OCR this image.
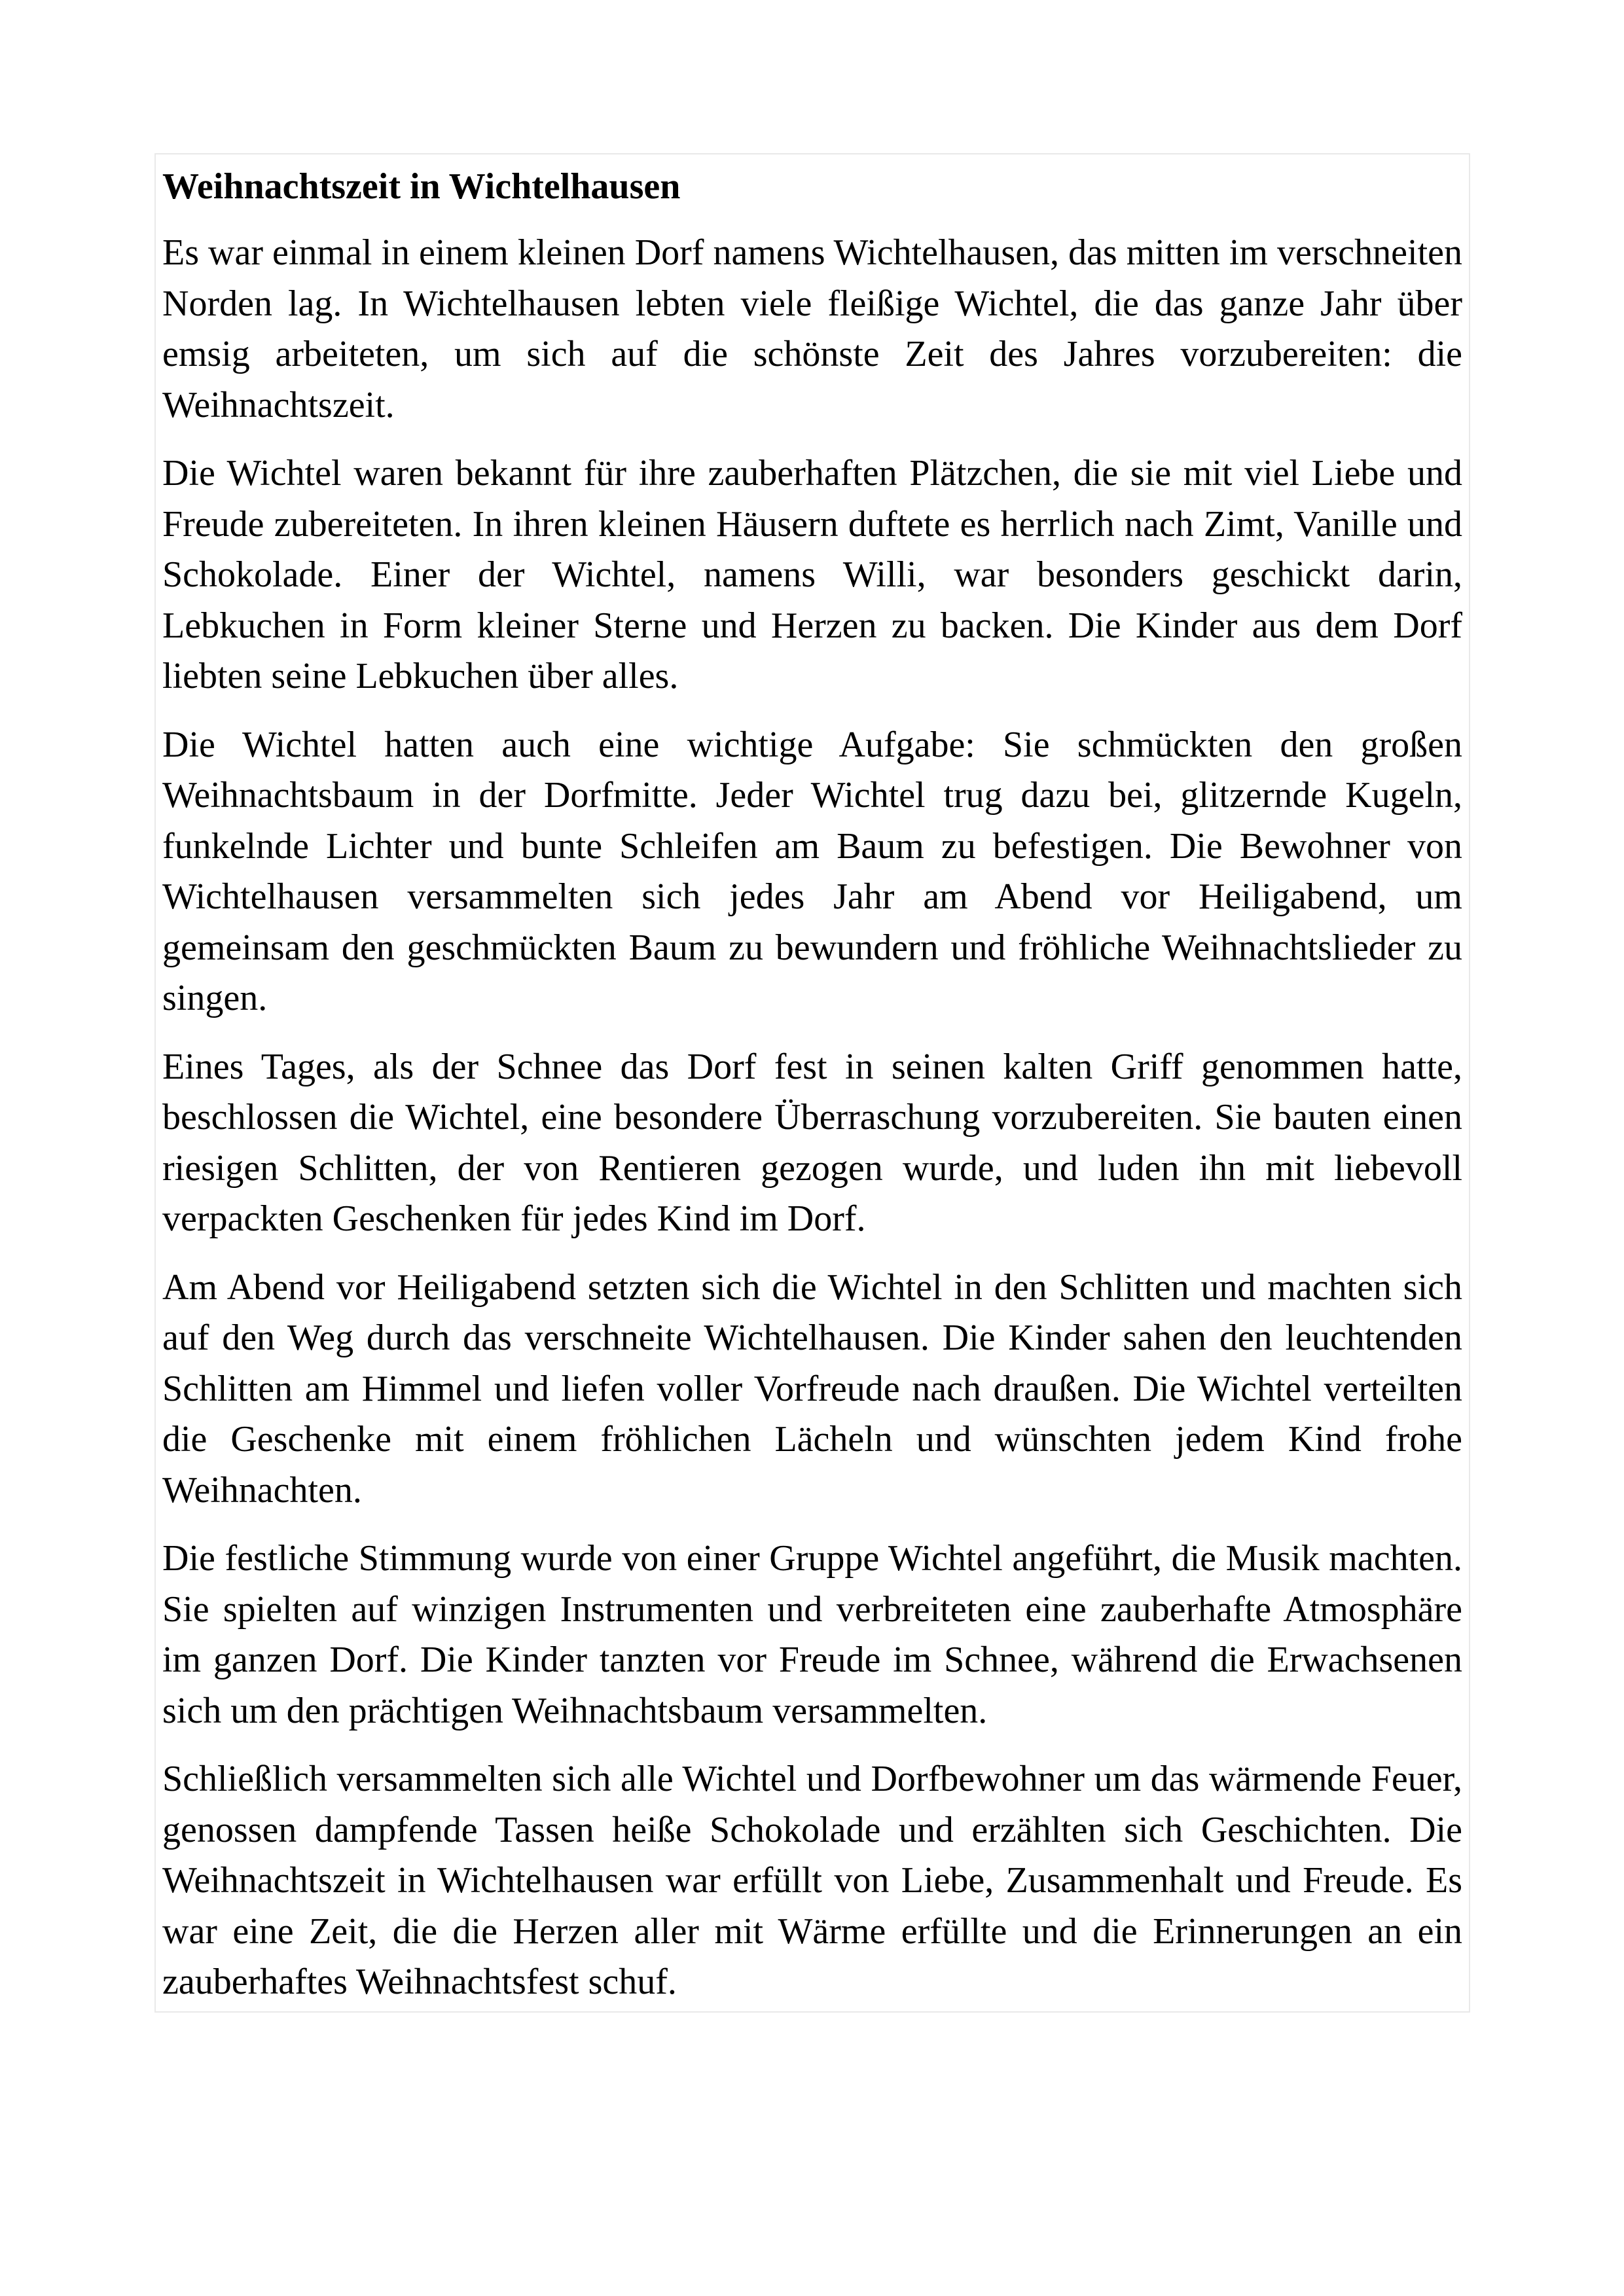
Weihnachtszeit in Wichtelhausen

Es war einmal in einem kleinen Dorf namens Wichtelhausen, das mitten im verschneiten Norden lag. In Wichtelhausen lebten viele fleißige Wichtel, die das ganze Jahr über emsig arbeiteten, um sich auf die schönste Zeit des Jahres vorzubereiten: die Weihnachtszeit.

Die Wichtel waren bekannt für ihre zauberhaften Plätzchen, die sie mit viel Liebe und Freude zubereiteten. In ihren kleinen Häusern duftete es herrlich nach Zimt, Vanille und Schokolade. Einer der Wichtel, namens Willi, war besonders geschickt darin, Lebkuchen in Form kleiner Sterne und Herzen zu backen. Die Kinder aus dem Dorf liebten seine Lebkuchen über alles.

Die Wichtel hatten auch eine wichtige Aufgabe: Sie schmückten den großen Weihnachtsbaum in der Dorfmitte. Jeder Wichtel trug dazu bei, glitzernde Kugeln, funkelnde Lichter und bunte Schleifen am Baum zu befestigen. Die Bewohner von Wichtelhausen versammelten sich jedes Jahr am Abend vor Heiligabend, um gemeinsam den geschmückten Baum zu bewundern und fröhliche Weihnachtslieder zu singen.

Eines Tages, als der Schnee das Dorf fest in seinen kalten Griff genommen hatte, beschlossen die Wichtel, eine besondere Überraschung vorzubereiten. Sie bauten einen riesigen Schlitten, der von Rentieren gezogen wurde, und luden ihn mit liebevoll verpackten Geschenken für jedes Kind im Dorf.

Am Abend vor Heiligabend setzten sich die Wichtel in den Schlitten und machten sich auf den Weg durch das verschneite Wichtelhausen. Die Kinder sahen den leuchtenden Schlitten am Himmel und liefen voller Vorfreude nach draußen. Die Wichtel verteilten die Geschenke mit einem fröhlichen Lächeln und wünschten jedem Kind frohe Weihnachten.

Die festliche Stimmung wurde von einer Gruppe Wichtel angeführt, die Musik machten. Sie spielten auf winzigen Instrumenten und verbreiteten eine zauberhafte Atmosphäre im ganzen Dorf. Die Kinder tanzten vor Freude im Schnee, während die Erwachsenen sich um den prächtigen Weihnachtsbaum versammelten.

Schließlich versammelten sich alle Wichtel und Dorfbewohner um das wärmende Feuer, genossen dampfende Tassen heiße Schokolade und erzählten sich Geschichten. Die Weihnachtszeit in Wichtelhausen war erfüllt von Liebe, Zusammenhalt und Freude. Es war eine Zeit, die die Herzen aller mit Wärme erfüllte und die Erinnerungen an ein zauberhaftes Weihnachtsfest schuf.
